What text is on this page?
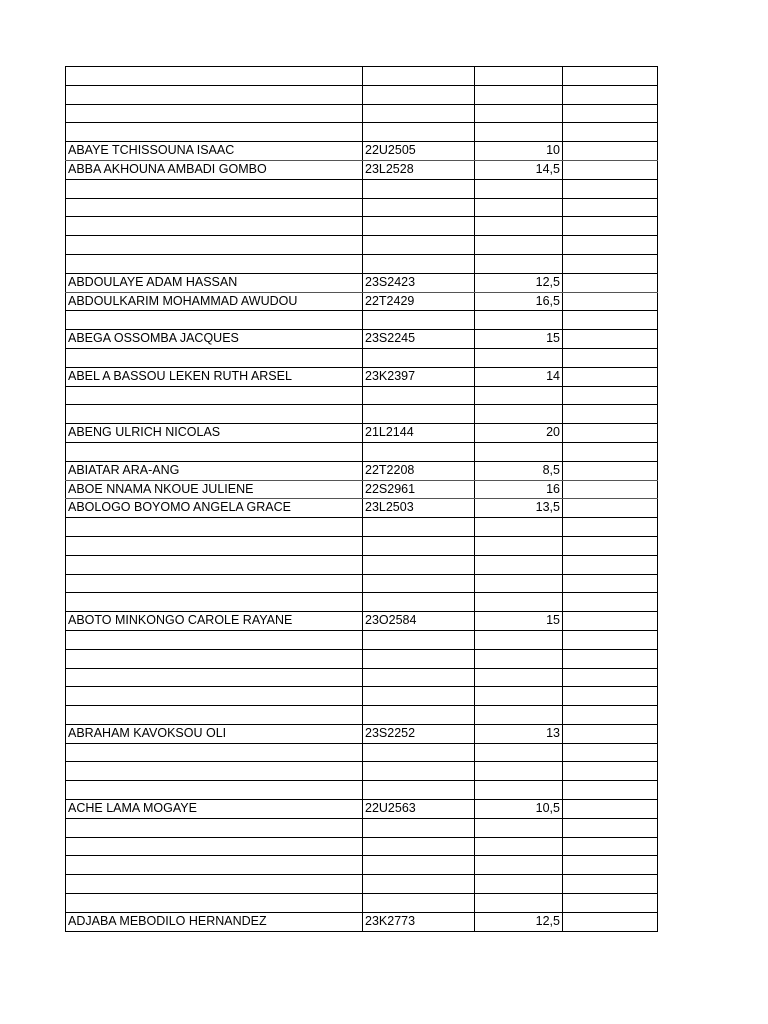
ABAYE TCHISSOUNA ISAAC	22U2505	10	
ABBA AKHOUNA AMBADI GOMBO	23L2528	14,5	

ABDOULAYE ADAM HASSAN	23S2423	12,5	
ABDOULKARIM MOHAMMAD AWUDOU	22T2429	16,5	

ABEGA OSSOMBA JACQUES	23S2245	15	

ABEL A BASSOU LEKEN RUTH ARSEL	23K2397	14	

ABENG ULRICH NICOLAS	21L2144	20	

ABIATAR ARA-ANG	22T2208	8,5	
ABOE NNAMA NKOUE JULIENE	22S2961	16	
ABOLOGO BOYOMO ANGELA GRACE	23L2503	13,5	

ABOTO MINKONGO CAROLE RAYANE	23O2584	15	

ABRAHAM KAVOKSOU OLI	23S2252	13	

ACHE LAMA MOGAYE	22U2563	10,5	

ADJABA MEBODILO HERNANDEZ	23K2773	12,5	
